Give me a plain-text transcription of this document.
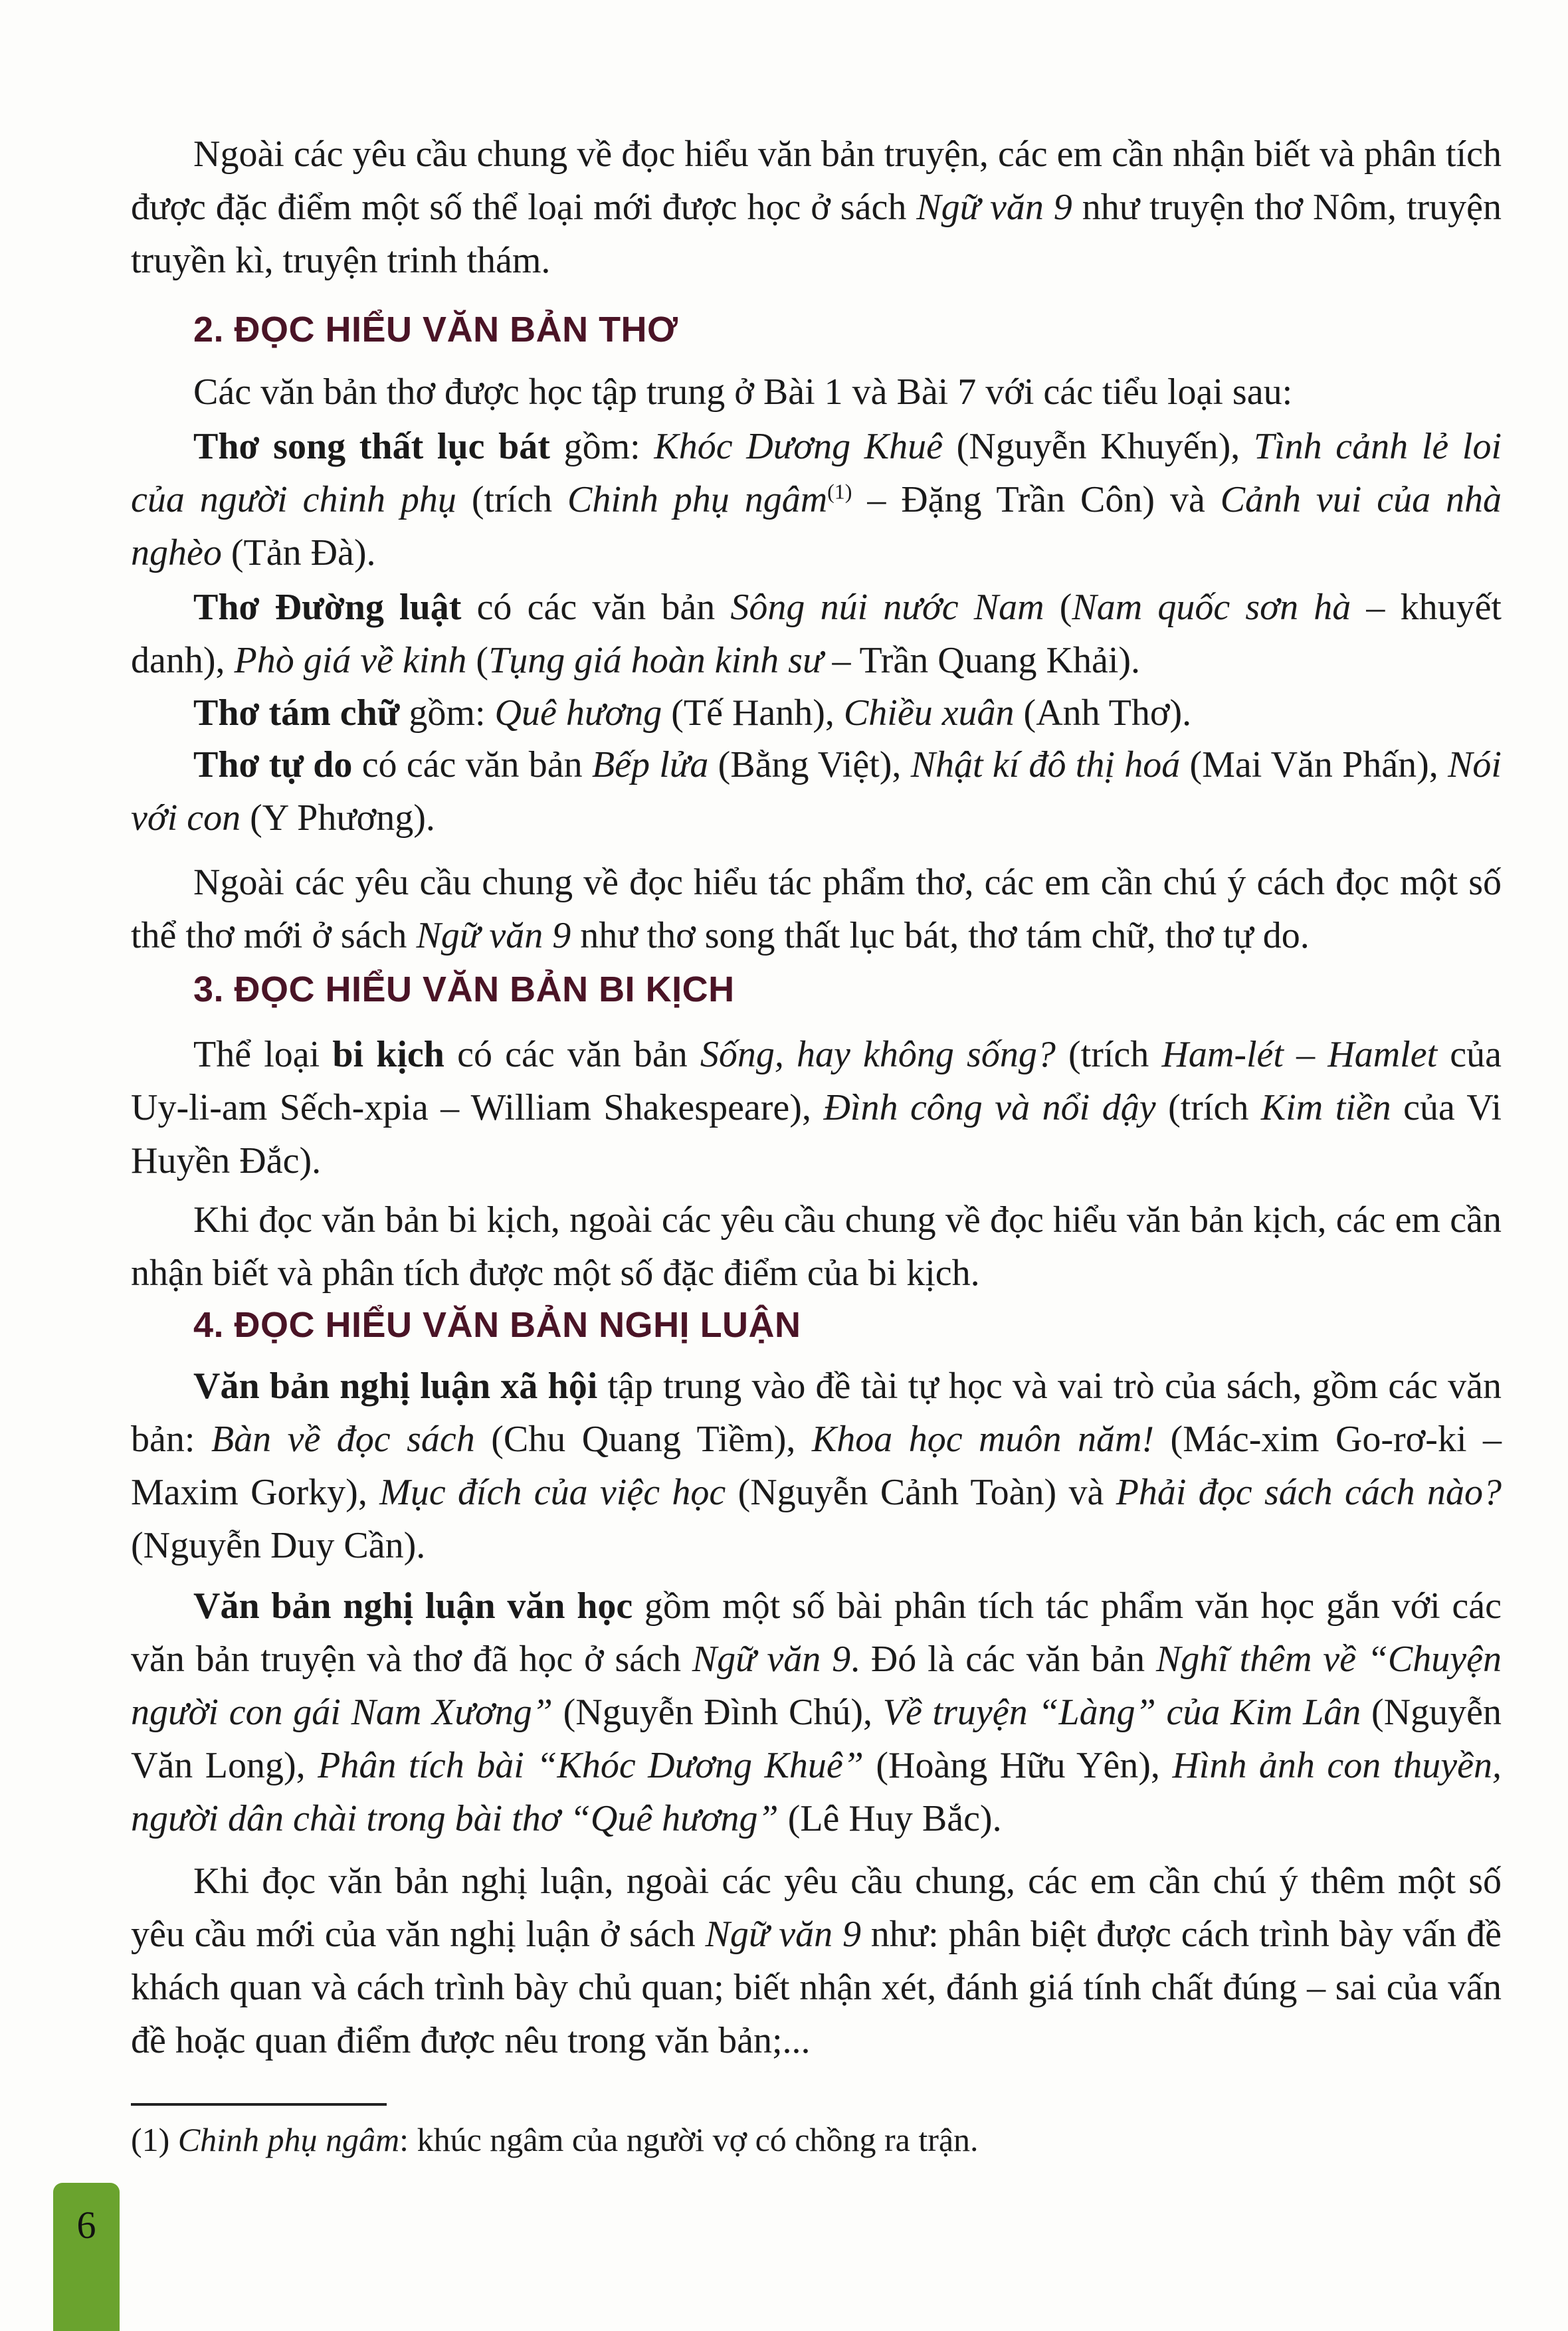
Ngoài các yêu cầu chung về đọc hiểu văn bản truyện, các em cần nhận biết và phân tích được đặc điểm một số thể loại mới được học ở sách Ngữ văn 9 như truyện thơ Nôm, truyện truyền kì, truyện trinh thám.

2. ĐỌC HIỂU VĂN BẢN THƠ

Các văn bản thơ được học tập trung ở Bài 1 và Bài 7 với các tiểu loại sau:

Thơ song thất lục bát gồm: Khóc Dương Khuê (Nguyễn Khuyến), Tình cảnh lẻ loi của người chinh phụ (trích Chinh phụ ngâm$^{(1)}$ – Đặng Trần Côn) và Cảnh vui của nhà nghèo (Tản Đà).

Thơ Đường luật có các văn bản Sông núi nước Nam (Nam quốc sơn hà – khuyết danh), Phò giá về kinh (Tụng giá hoàn kinh sư – Trần Quang Khải).

Thơ tám chữ gồm: Quê hương (Tế Hanh), Chiều xuân (Anh Thơ).

Thơ tự do có các văn bản Bếp lửa (Bằng Việt), Nhật kí đô thị hoá (Mai Văn Phấn), Nói với con (Y Phương).

Ngoài các yêu cầu chung về đọc hiểu tác phẩm thơ, các em cần chú ý cách đọc một số thể thơ mới ở sách Ngữ văn 9 như thơ song thất lục bát, thơ tám chữ, thơ tự do.

3. ĐỌC HIỂU VĂN BẢN BI KỊCH

Thể loại bi kịch có các văn bản Sống, hay không sống? (trích Ham-lét – Hamlet của Uy-li-am Sếch-xpia – William Shakespeare), Đình công và nổi dậy (trích Kim tiền của Vi Huyền Đắc).

Khi đọc văn bản bi kịch, ngoài các yêu cầu chung về đọc hiểu văn bản kịch, các em cần nhận biết và phân tích được một số đặc điểm của bi kịch.

4. ĐỌC HIỂU VĂN BẢN NGHỊ LUẬN

Văn bản nghị luận xã hội tập trung vào đề tài tự học và vai trò của sách, gồm các văn bản: Bàn về đọc sách (Chu Quang Tiềm), Khoa học muôn năm! (Mác-xim Go-rơ-ki – Maxim Gorky), Mục đích của việc học (Nguyễn Cảnh Toàn) và Phải đọc sách cách nào? (Nguyễn Duy Cần).

Văn bản nghị luận văn học gồm một số bài phân tích tác phẩm văn học gắn với các văn bản truyện và thơ đã học ở sách Ngữ văn 9. Đó là các văn bản Nghĩ thêm về “Chuyện người con gái Nam Xương” (Nguyễn Đình Chú), Về truyện “Làng” của Kim Lân (Nguyễn Văn Long), Phân tích bài “Khóc Dương Khuê” (Hoàng Hữu Yên), Hình ảnh con thuyền, người dân chài trong bài thơ “Quê hương” (Lê Huy Bắc).

Khi đọc văn bản nghị luận, ngoài các yêu cầu chung, các em cần chú ý thêm một số yêu cầu mới của văn nghị luận ở sách Ngữ văn 9 như: phân biệt được cách trình bày vấn đề khách quan và cách trình bày chủ quan; biết nhận xét, đánh giá tính chất đúng – sai của vấn đề hoặc quan điểm được nêu trong văn bản;...

(1) Chinh phụ ngâm: khúc ngâm của người vợ có chồng ra trận.
6
